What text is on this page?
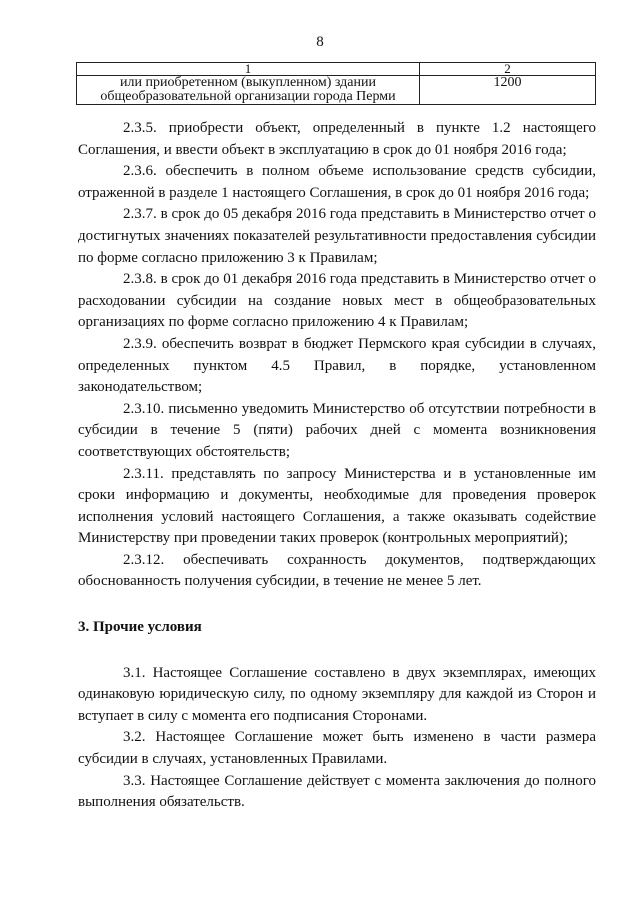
8
1	2

или приобретенном (выкупленном) здании
общеобразовательной организации города Перми	1200

2.3.5. приобрести объект, определенный в пункте 1.2 настоящего Соглашения, и ввести объект в эксплуатацию в срок до 01 ноября 2016 года;

2.3.6. обеспечить в полном объеме использование средств субсидии, отраженной в разделе 1 настоящего Соглашения, в срок до 01 ноября 2016 года;

2.3.7. в срок до 05 декабря 2016 года представить в Министерство отчет о достигнутых значениях показателей результативности предоставления субсидии по форме согласно приложению 3 к Правилам;

2.3.8. в срок до 01 декабря 2016 года представить в Министерство отчет о расходовании субсидии на создание новых мест в общеобразовательных организациях по форме согласно приложению 4 к Правилам;

2.3.9. обеспечить возврат в бюджет Пермского края субсидии в случаях, определенных пунктом 4.5 Правил, в порядке, установленном законодательством;

2.3.10. письменно уведомить Министерство об отсутствии потребности в субсидии в течение 5 (пяти) рабочих дней с момента возникновения соответствующих обстоятельств;

2.3.11. представлять по запросу Министерства и в установленные им сроки информацию и документы, необходимые для проведения проверок исполнения условий настоящего Соглашения, а также оказывать содействие Министерству при проведении таких проверок (контрольных мероприятий);

2.3.12. обеспечивать сохранность документов, подтверждающих обоснованность получения субсидии, в течение не менее 5 лет.

3. Прочие условия

3.1. Настоящее Соглашение составлено в двух экземплярах, имеющих одинаковую юридическую силу, по одному экземпляру для каждой из Сторон и вступает в силу с момента его подписания Сторонами.

3.2. Настоящее Соглашение может быть изменено в части размера субсидии в случаях, установленных Правилами.

3.3. Настоящее Соглашение действует с момента заключения до полного выполнения обязательств.
